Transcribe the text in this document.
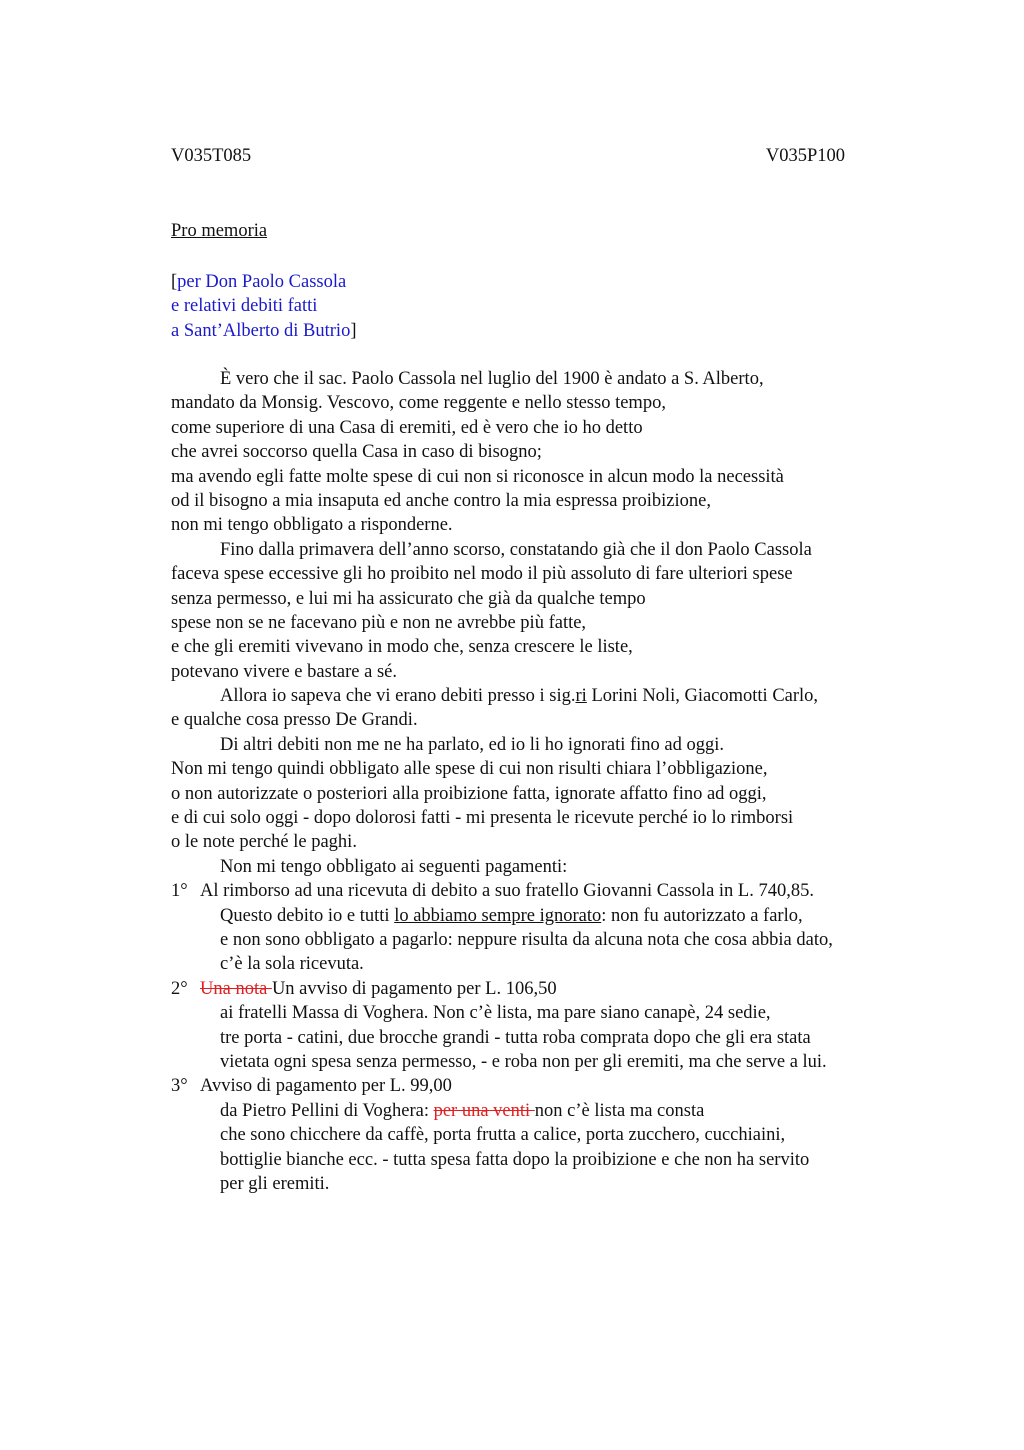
V035T085	V035P100
Pro memoria
[per Don Paolo Cassola
e relativi debiti fatti
a Sant’Alberto di Butrio]
È vero che il sac. Paolo Cassola nel luglio del 1900 è andato a S. Alberto,
mandato da Monsig. Vescovo, come reggente e nello stesso tempo,
come superiore di una Casa di eremiti, ed è vero che io ho detto
che avrei soccorso quella Casa in caso di bisogno;
ma avendo egli fatte molte spese di cui non si riconosce in alcun modo la necessità
od il bisogno a mia insaputa ed anche contro la mia espressa proibizione,
non mi tengo obbligato a risponderne.
Fino dalla primavera dell’anno scorso, constatando già che il don Paolo Cassola
faceva spese eccessive gli ho proibito nel modo il più assoluto di fare ulteriori spese
senza permesso, e lui mi ha assicurato che già da qualche tempo
spese non se ne facevano più e non ne avrebbe più fatte,
e che gli eremiti vivevano in modo che, senza crescere le liste,
potevano vivere e bastare a sé.
Allora io sapeva che vi erano debiti presso i sig.ri Lorini Noli, Giacomotti Carlo,
e qualche cosa presso De Grandi.
Di altri debiti non me ne ha parlato, ed io li ho ignorati fino ad oggi.
Non mi tengo quindi obbligato alle spese di cui non risulti chiara l’obbligazione,
o non autorizzate o posteriori alla proibizione fatta, ignorate affatto fino ad oggi,
e di cui solo oggi - dopo dolorosi fatti - mi presenta le ricevute perché io lo rimborsi
o le note perché le paghi.
Non mi tengo obbligato ai seguenti pagamenti:
1° Al rimborso ad una ricevuta di debito a suo fratello Giovanni Cassola in L. 740,85.
Questo debito io e tutti lo abbiamo sempre ignorato: non fu autorizzato a farlo,
e non sono obbligato a pagarlo: neppure risulta da alcuna nota che cosa abbia dato,
c’è la sola ricevuta.
2° Una nota Un avviso di pagamento per L. 106,50
ai fratelli Massa di Voghera. Non c’è lista, ma pare siano canapè, 24 sedie,
tre porta - catini, due brocche grandi - tutta roba comprata dopo che gli era stata
vietata ogni spesa senza permesso, - e roba non per gli eremiti, ma che serve a lui.
3° Avviso di pagamento per L. 99,00
da Pietro Pellini di Voghera: per una venti non c’è lista ma consta
che sono chicchere da caffè, porta frutta a calice, porta zucchero, cucchiaini,
bottiglie bianche ecc. - tutta spesa fatta dopo la proibizione e che non ha servito
per gli eremiti.
